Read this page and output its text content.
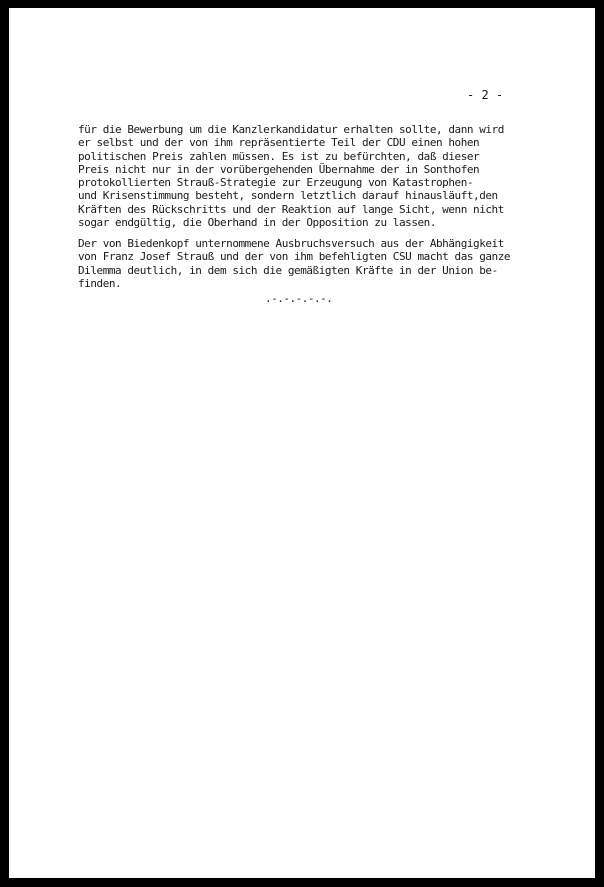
- 2 -

für die Bewerbung um die Kanzlerkandidatur erhalten sollte, dann wird
er selbst und der von ihm repräsentierte Teil der CDU einen hohen
politischen Preis zahlen müssen. Es ist zu befürchten, daß dieser
Preis nicht nur in der vorübergehenden Übernahme der in Sonthofen
protokollierten Strauß-Strategie zur Erzeugung von Katastrophen-
und Krisenstimmung besteht, sondern letztlich darauf hinausläuft,den
Kräften des Rückschritts und der Reaktion auf lange Sicht, wenn nicht
sogar endgültig, die Oberhand in der Opposition zu lassen.

Der von Biedenkopf unternommene Ausbruchsversuch aus der Abhängigkeit
von Franz Josef Strauß und der von ihm befehligten CSU macht das ganze
Dilemma deutlich, in dem sich die gemäßigten Kräfte in der Union be-
finden.

.-.-.-.-.-.
